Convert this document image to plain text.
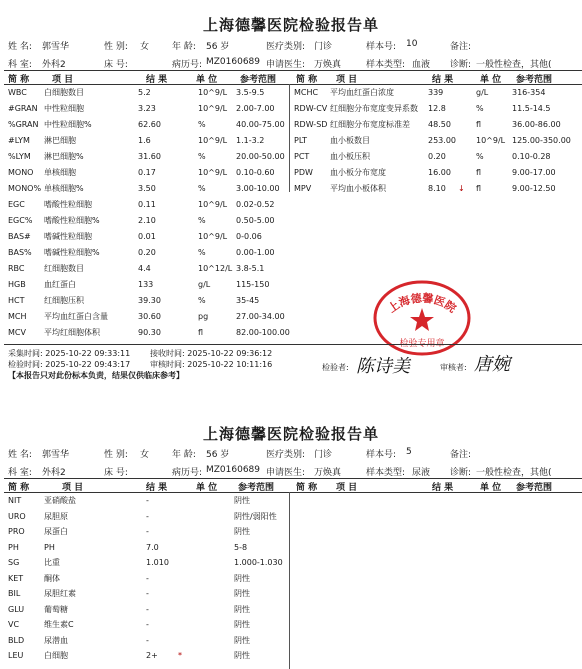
上海德馨医院检验报告单
姓 名: 郭雪华	性 别: 女	年 龄: 56 岁	医疗类别: 门诊	样本号: 10	备注:
科 室: 外科2	床 号:	病历号: MZ0160689 申请医生: 万焕真	样本类型: 血液 诊断: 一般性检查，其他(
简 称	项 目	结 果	单 位	参考范围 简 称 项 目	结 果	单 位 参考范围
WBC 白细胞数目	5.2	10^9/L 3.5-9.5
#GRAN 中性粒细胞	3.23	10^9/L 2.00-7.00
%GRAN 中性粒细胞%	62.60	%	40.00-75.00
#LYM 淋巴细胞	1.6	10^9/L 1.1-3.2
%LYM 淋巴细胞%	31.60	%	20.00-50.00
MONO 单核细胞	0.17	10^9/L 0.10-0.60
MONO% 单核细胞%	3.50	%	3.00-10.00
EGC 嗜酸性粒细胞	0.11	10^9/L 0.02-0.52
EGC% 嗜酸性粒细胞%	2.10	%	0.50-5.00
BAS# 嗜碱性粒细胞	0.01	10^9/L 0-0.06
BAS% 嗜碱性粒细胞%	0.20	%	0.00-1.00
RBC 红细胞数目	4.4	10^12/L 3.8-5.1
HGB 血红蛋白	133	g/L	115-150
HCT 红细胞压积	39.30	%	35-45
MCH 平均血红蛋白含量	30.60	pg	27.00-34.00
MCV 平均红细胞体积	90.30	fl	82.00-100.00
MCHC 平均血红蛋白浓度	339	g/L	316-354
RDW-CV 红细胞分布宽度变异系数 12.8	%	11.5-14.5
RDW-SD 红细胞分布宽度标准差 48.50	fl	36.00-86.00
PLT	血小板数目	253.00	10^9/L 125.00-350.00
PCT	血小板压积	0.20	%	0.10-0.28
PDW 血小板分布宽度	16.00	fl	9.00-17.00
MPV 平均血小板体积	8.10 ↓ fl	9.00-12.50
上海德馨医院
检验专用章
采集时间: 2025-10-22 09:33:11 接收时间: 2025-10-22 09:36:12
检验时间: 2025-10-22 09:43:17 审核时间: 2025-10-22 10:11:16
【本报告只对此份标本负责，结果仅供临床参考】
检验者: 陈诗美	审核者: 唐婉
上海德馨医院检验报告单
姓 名: 郭雪华	性 别: 女	年 龄: 56 岁	医疗类别: 门诊	样本号: 5	备注:
科 室: 外科2	床 号:	病历号: MZ0160689 申请医生: 万焕真	样本类型: 尿液 诊断: 一般性检查，其他(
简 称	项 目	结 果	单 位 参考范围 简 称 项 目	结 果	单 位 参考范围
NIT	亚硝酸盐	-	阴性
URO 尿胆原	-	阴性/弱阳性
PRO 尿蛋白	-	阴性
PH	PH	7.0	5-8
SG	比重	1.010	1.000-1.030
KET	酮体	-	阴性
BIL	尿胆红素	-	阴性
GLU 葡萄糖	-	阴性
VC	维生素C	-	阴性
BLD 尿潜血	-	阴性
LEU	白细胞	2+	*	阴性
